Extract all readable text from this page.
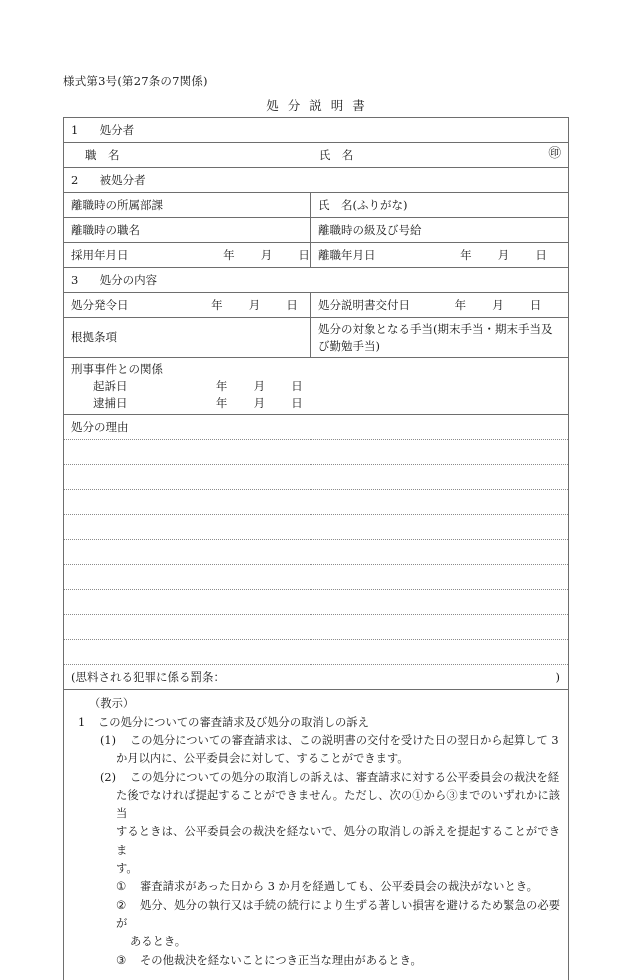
様式第3号(第27条の7関係)
処分説明書
1 処分者	

㊞
職　名 氏　名	

2 被処分者	

離職時の所属部課	氏　名(ふりがな)

離職時の職名	離職時の級及び号給

採用年月日 年 月 日	離職年月日 年 月 日

3 処分の内容	

処分発令日 年 月 日	処分説明書交付日 年 月 日

根拠条項	処分の対象となる手当(期末手当・期末手当及び勤勉手当)

刑事事件との関係
起訴日 年 月 日
逮捕日 年 月 日	

処分の理由	

(思料される犯罪に係る罰条： )	

（教示）
1 この処分についての審査請求及び処分の取消しの訴え
(1) この処分についての審査請求は、この説明書の交付を受けた日の翌日から起算して 3
か月以内に、公平委員会に対して、することができます。
(2) この処分についての処分の取消しの訴えは、審査請求に対する公平委員会の裁決を経
た後でなければ提起することができません。ただし、次の①から③までのいずれかに該当
するときは、公平委員会の裁決を経ないで、処分の取消しの訴えを提起することができま
す。
① 審査請求があった日から 3 か月を経過しても、公平委員会の裁決がないとき。
② 処分、処分の執行又は手続の続行により生ずる著しい損害を避けるため緊急の必要が
あるとき。
③ その他裁決を経ないことにつき正当な理由があるとき。
